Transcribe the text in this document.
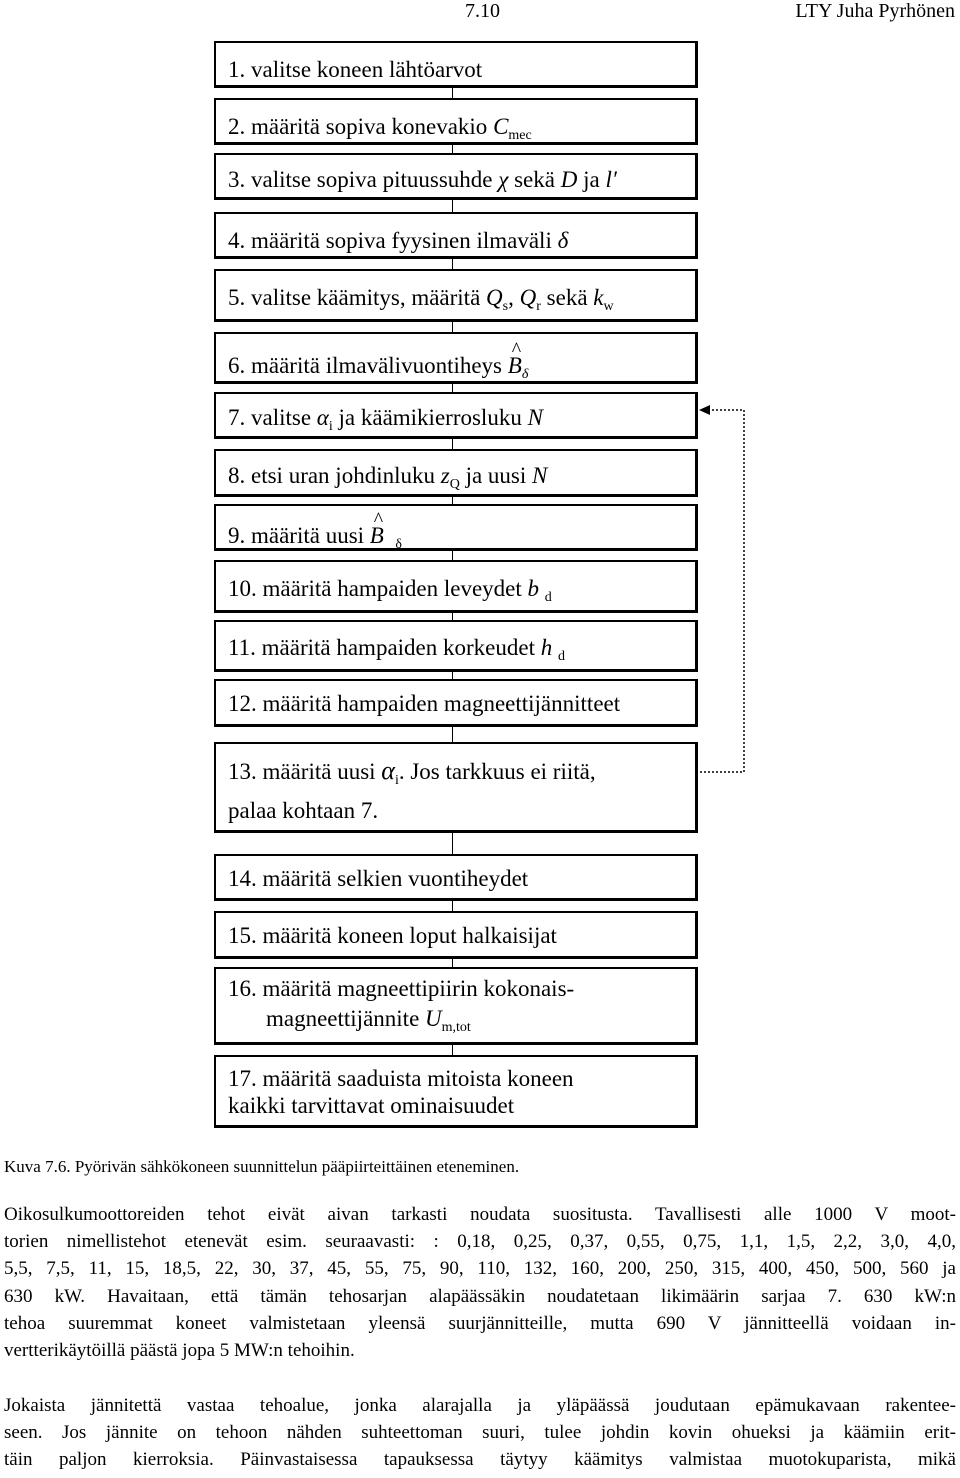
7.10	LTY Juha Pyrhönen
1. valitse koneen lähtöarvot
2. määritä sopiva konevakio $C_{mec}$
3. valitse sopiva pituussuhde χ sekä D ja l′
4. määritä sopiva fyysinen ilmaväli δ
5. valitse käämitys, määritä $Q_s$, $Q_r$ sekä $k_w$
6. määritä ilmavälivuontiheys ^ $B_\delta$
7. valitse $\alpha_i$ ja käämikierrosluku N
8. etsi uran johdinluku $z_Q$ ja uusi N
9. määritä uusi ^ B $_\delta$
10. määritä hampaiden leveydet b $_d$
11. määritä hampaiden korkeudet h $_d$
12. määritä hampaiden magneettijännitteet
13. määritä uusi $\alpha_i$. Jos tarkkuus ei riitä,
palaa kohtaan 7.
14. määritä selkien vuontiheydet
15. määritä koneen loput halkaisijat
16. määritä magneettipiirin kokonais-
magneettijännite $U_{m,tot}$
17. määritä saaduista mitoista koneen
kaikki tarvittavat ominaisuudet
Kuva 7.6. Pyörivän sähkökoneen suunnittelun pääpiirteittäinen eteneminen.
Oikosulkumoottoreiden tehot eivät aivan tarkasti noudata suositusta. Tavallisesti alle 1000 V moot-
torien nimellistehot etenevät esim. seuraavasti: : 0,18, 0,25, 0,37, 0,55, 0,75, 1,1, 1,5, 2,2, 3,0, 4,0,
5,5, 7,5, 11, 15, 18,5, 22, 30, 37, 45, 55, 75, 90, 110, 132, 160, 200, 250, 315, 400, 450, 500, 560 ja
630 kW. Havaitaan, että tämän tehosarjan alapäässäkin noudatetaan likimäärin sarjaa 7. 630 kW:n
tehoa suuremmat koneet valmistetaan yleensä suurjännitteille, mutta 690 V jännitteellä voidaan in-
vertterikäytöillä päästä jopa 5 MW:n tehoihin.
Jokaista jännitettä vastaa tehoalue, jonka alarajalla ja yläpäässä joudutaan epämukavaan rakentee-
seen. Jos jännite on tehoon nähden suhteettoman suuri, tulee johdin kovin ohueksi ja käämiin erit-
täin paljon kierroksia. Päinvastaisessa tapauksessa täytyy käämitys valmistaa muotokuparista, mikä
